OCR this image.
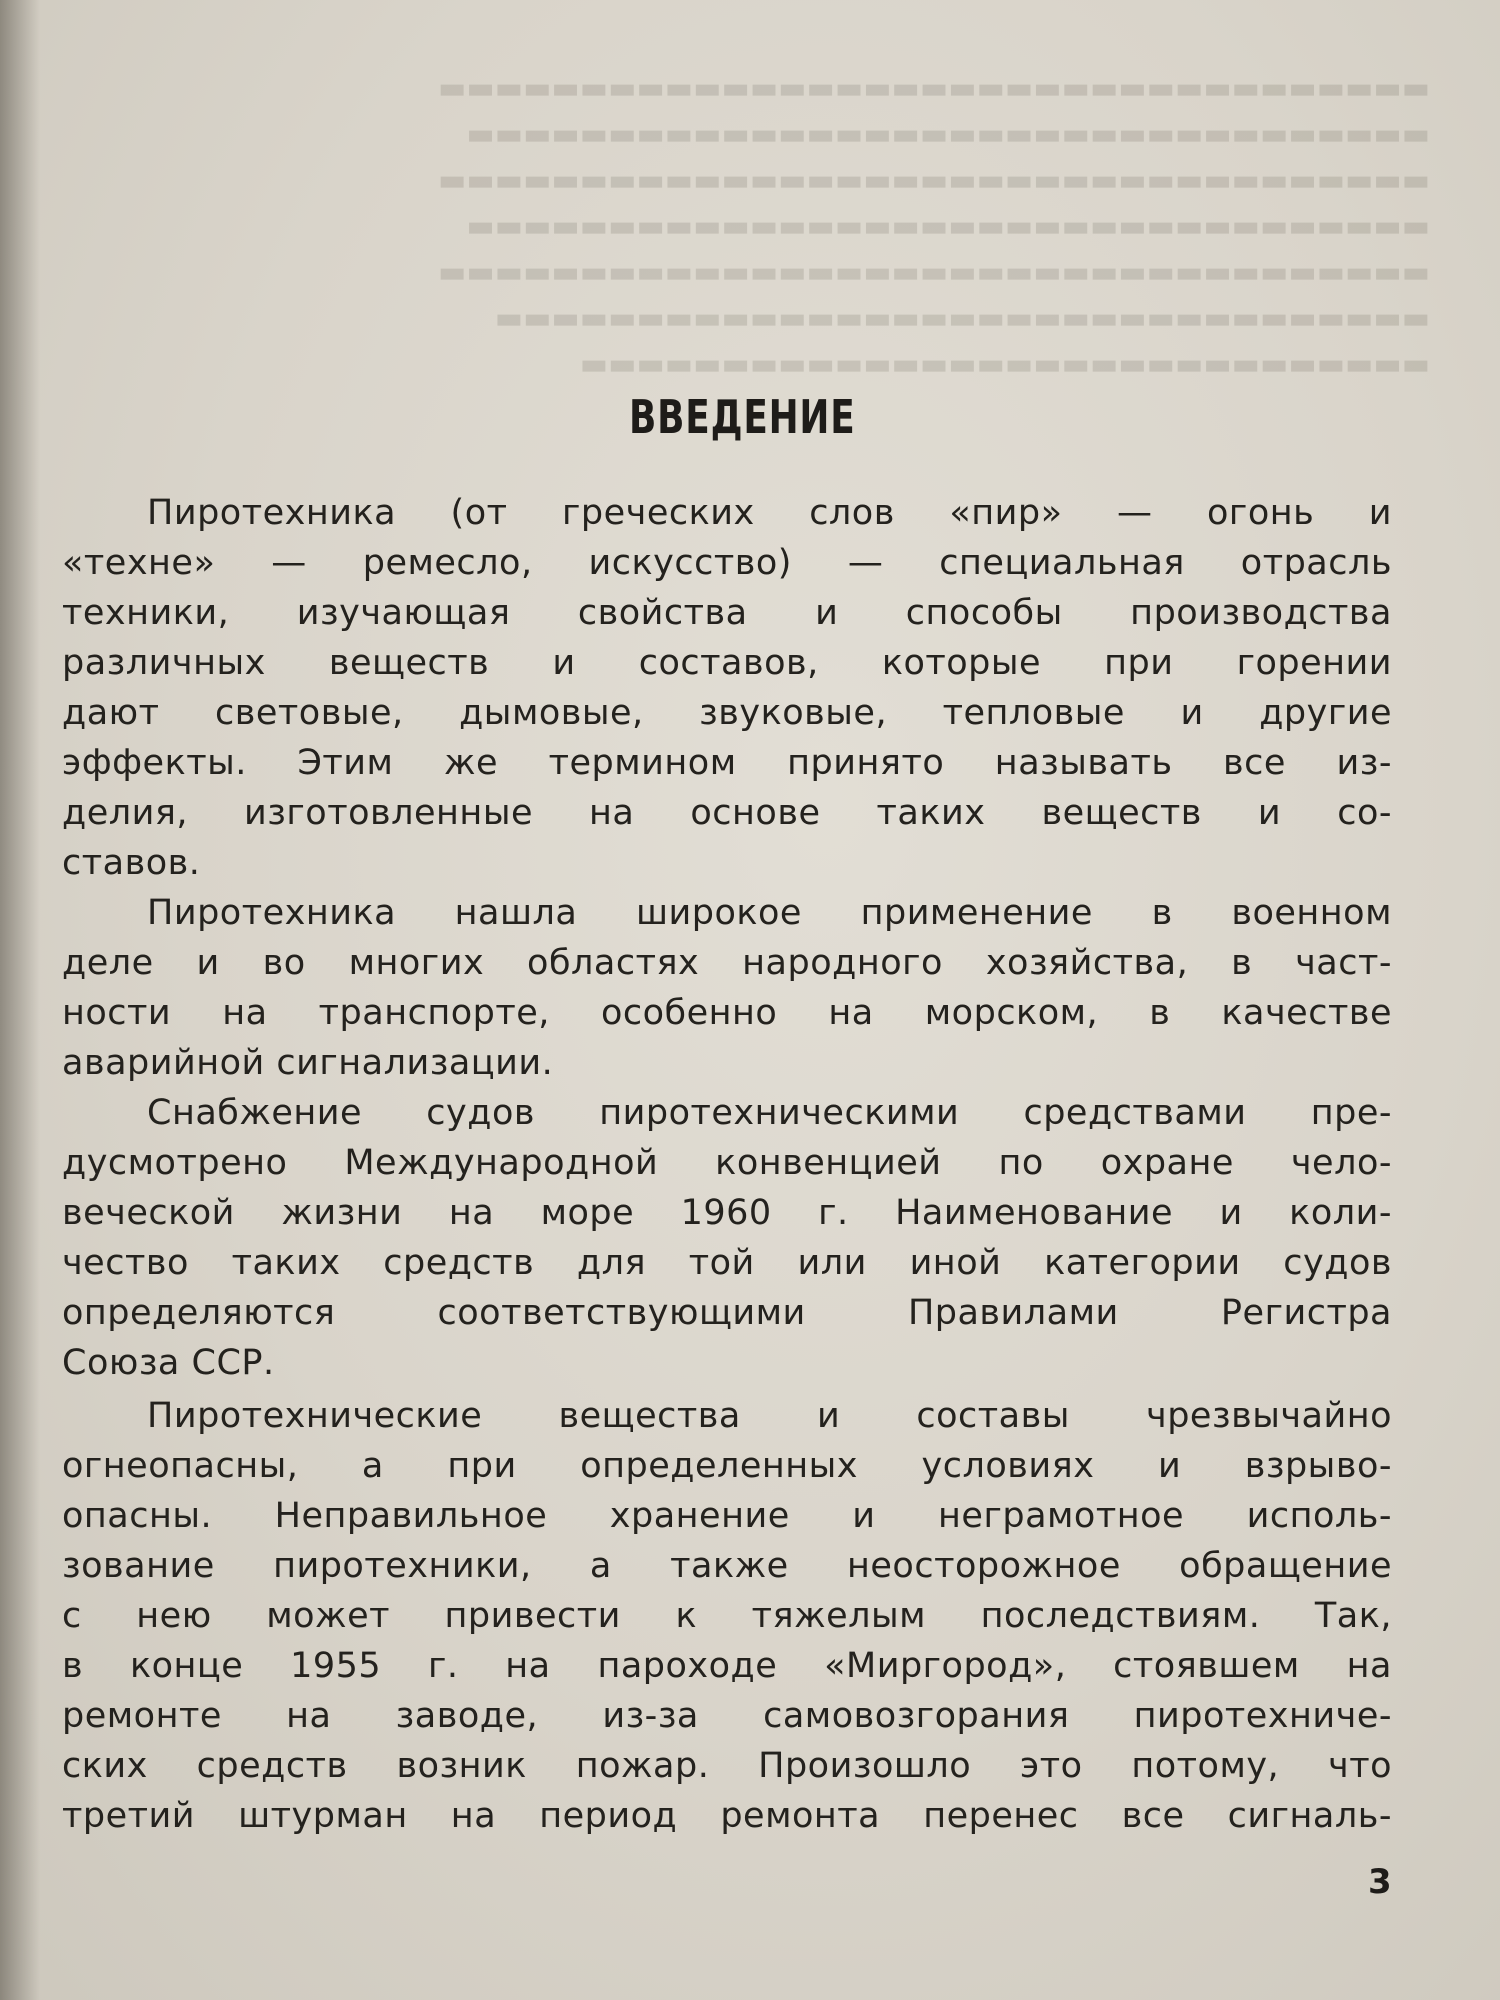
▬▬▬▬▬▬▬▬▬▬▬▬▬▬▬▬▬▬▬▬▬▬▬▬▬▬▬▬▬▬▬▬▬▬▬
▬▬▬▬▬▬▬▬▬▬▬▬▬▬▬▬▬▬▬▬▬▬▬▬▬▬▬▬▬▬▬▬▬▬
▬▬▬▬▬▬▬▬▬▬▬▬▬▬▬▬▬▬▬▬▬▬▬▬▬▬▬▬▬▬▬▬▬▬▬
▬▬▬▬▬▬▬▬▬▬▬▬▬▬▬▬▬▬▬▬▬▬▬▬▬▬▬▬▬▬▬▬▬▬
▬▬▬▬▬▬▬▬▬▬▬▬▬▬▬▬▬▬▬▬▬▬▬▬▬▬▬▬▬▬▬▬▬▬▬
▬▬▬▬▬▬▬▬▬▬▬▬▬▬▬▬▬▬▬▬▬▬▬▬▬▬▬▬▬▬▬▬▬
▬▬▬▬▬▬▬▬▬▬▬▬▬▬▬▬▬▬▬▬▬▬▬▬▬▬▬▬▬▬

ВВЕДЕНИЕ
Пиротехника (от греческих слов «пир» — огонь и
«техне» — ремесло, искусство) — специальная отрасль
техники, изучающая свойства и способы производства
различных веществ и составов, которые при горении
дают световые, дымовые, звуковые, тепловые и другие
эффекты. Этим же термином принято называть все из-
делия, изготовленные на основе таких веществ и со-
ставов.
Пиротехника нашла широкое применение в военном
деле и во многих областях народного хозяйства, в част-
ности на транспорте, особенно на морском, в качестве
аварийной сигнализации.
Снабжение судов пиротехническими средствами пре-
дусмотрено Международной конвенцией по охране чело-
веческой жизни на море 1960 г. Наименование и коли-
чество таких средств для той или иной категории судов
определяются соответствующими Правилами Регистра
Союза ССР.
Пиротехнические вещества и составы чрезвычайно
огнеопасны, а при определенных условиях и взрыво-
опасны. Неправильное хранение и неграмотное исполь-
зование пиротехники, а также неосторожное обращение
с нею может привести к тяжелым последствиям. Так,
в конце 1955 г. на пароходе «Миргород», стоявшем на
ремонте на заводе, из-за самовозгорания пиротехниче-
ских средств возник пожар. Произошло это потому, что
третий штурман на период ремонта перенес все сигналь-
3
